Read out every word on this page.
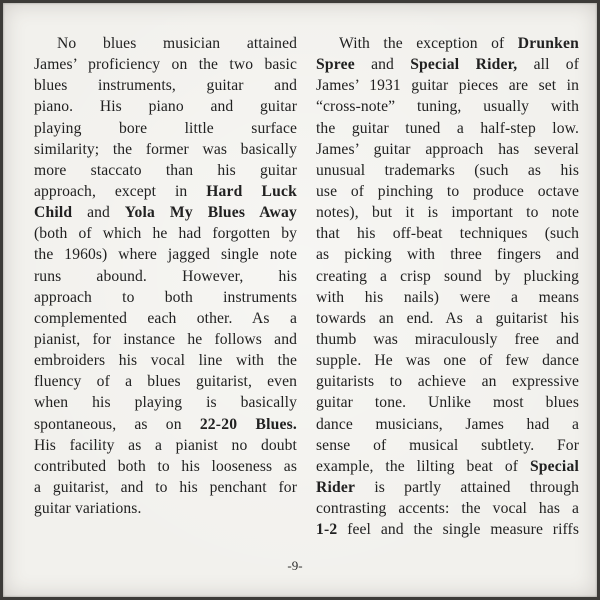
No blues musician attained
James’ proficiency on the two basic
blues instruments, guitar and
piano. His piano and guitar
playing bore little surface
similarity; the former was basically
more staccato than his guitar
approach, except in Hard Luck
Child and Yola My Blues Away
(both of which he had forgotten by
the 1960s) where jagged single note
runs abound. However, his
approach to both instruments
complemented each other. As a
pianist, for instance he follows and
embroiders his vocal line with the
fluency of a blues guitarist, even
when his playing is basically
spontaneous, as on 22-20 Blues.
His facility as a pianist no doubt
contributed both to his looseness as
a guitarist, and to his penchant for
guitar variations.
With the exception of Drunken
Spree and Special Rider, all of
James’ 1931 guitar pieces are set in
“cross-note” tuning, usually with
the guitar tuned a half-step low.
James’ guitar approach has several
unusual trademarks (such as his
use of pinching to produce octave
notes), but it is important to note
that his off-beat techniques (such
as picking with three fingers and
creating a crisp sound by plucking
with his nails) were a means
towards an end. As a guitarist his
thumb was miraculously free and
supple. He was one of few dance
guitarists to achieve an expressive
guitar tone. Unlike most blues
dance musicians, James had a
sense of musical subtlety. For
example, the lilting beat of Special
Rider is partly attained through
contrasting accents: the vocal has a
1-2 feel and the single measure riffs
-9-
